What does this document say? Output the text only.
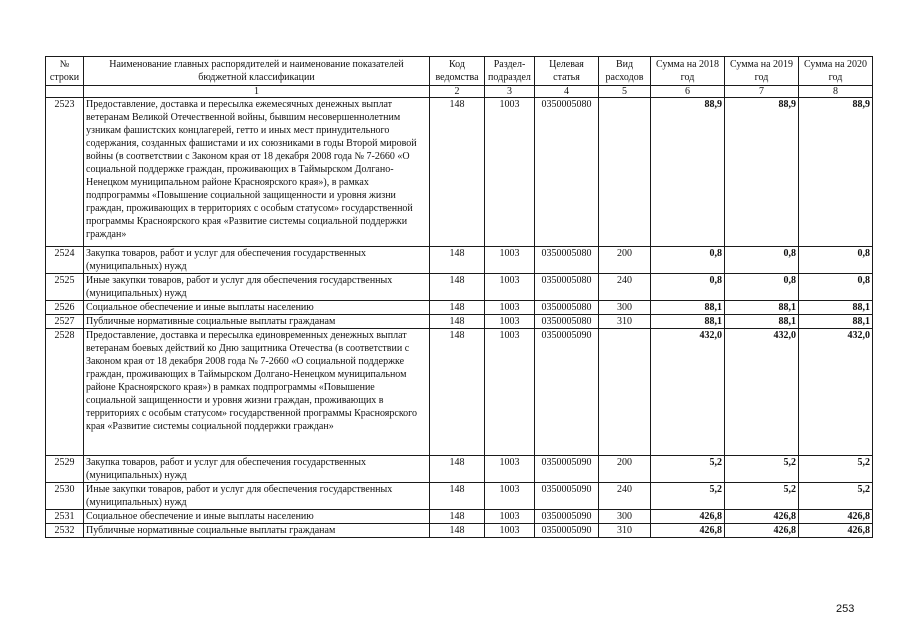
№ строки	Наименование главных распорядителей и наименование показателей бюджетной классификации	Код ведомства	Раздел-подраздел	Целевая статья	Вид расходов	Сумма на 2018 год	Сумма на 2019 год	Сумма на 2020 год
	1	2	3	4	5	6	7	8
2523	Предоставление, доставка и пересылка ежемесячных денежных выплат ветеранам Великой Отечественной войны, бывшим несовершеннолетним узникам фашистских концлагерей, гетто и иных мест принудительного содержания, созданных фашистами и их союзниками в годы Второй мировой войны (в соответствии с Законом края от 18 декабря 2008 года № 7-2660 «О социальной поддержке граждан, проживающих в Таймырском Долгано-Ненецком муниципальном районе Красноярского края»), в рамках подпрограммы «Повышение социальной защищенности и уровня жизни граждан, проживающих в территориях с особым статусом» государственной программы Красноярского края «Развитие системы социальной поддержки граждан»	148	1003	0350005080		88,9	88,9	88,9
2524	Закупка товаров, работ и услуг для обеспечения государственных (муниципальных) нужд	148	1003	0350005080	200	0,8	0,8	0,8
2525	Иные закупки товаров, работ и услуг для обеспечения государственных (муниципальных) нужд	148	1003	0350005080	240	0,8	0,8	0,8
2526	Социальное обеспечение и иные выплаты населению	148	1003	0350005080	300	88,1	88,1	88,1
2527	Публичные нормативные социальные выплаты гражданам	148	1003	0350005080	310	88,1	88,1	88,1
2528	Предоставление, доставка и пересылка единовременных денежных выплат ветеранам боевых действий ко Дню защитника Отечества (в соответствии с Законом края от 18 декабря 2008 года № 7-2660 «О социальной поддержке граждан, проживающих в Таймырском Долгано-Ненецком муниципальном районе Красноярского края») в рамках подпрограммы «Повышение социальной защищенности и уровня жизни граждан, проживающих в территориях с особым статусом» государственной программы Красноярского края «Развитие системы социальной поддержки граждан»	148	1003	0350005090		432,0	432,0	432,0
2529	Закупка товаров, работ и услуг для обеспечения государственных (муниципальных) нужд	148	1003	0350005090	200	5,2	5,2	5,2
2530	Иные закупки товаров, работ и услуг для обеспечения государственных (муниципальных) нужд	148	1003	0350005090	240	5,2	5,2	5,2
2531	Социальное обеспечение и иные выплаты населению	148	1003	0350005090	300	426,8	426,8	426,8
2532	Публичные нормативные социальные выплаты гражданам	148	1003	0350005090	310	426,8	426,8	426,8
253
